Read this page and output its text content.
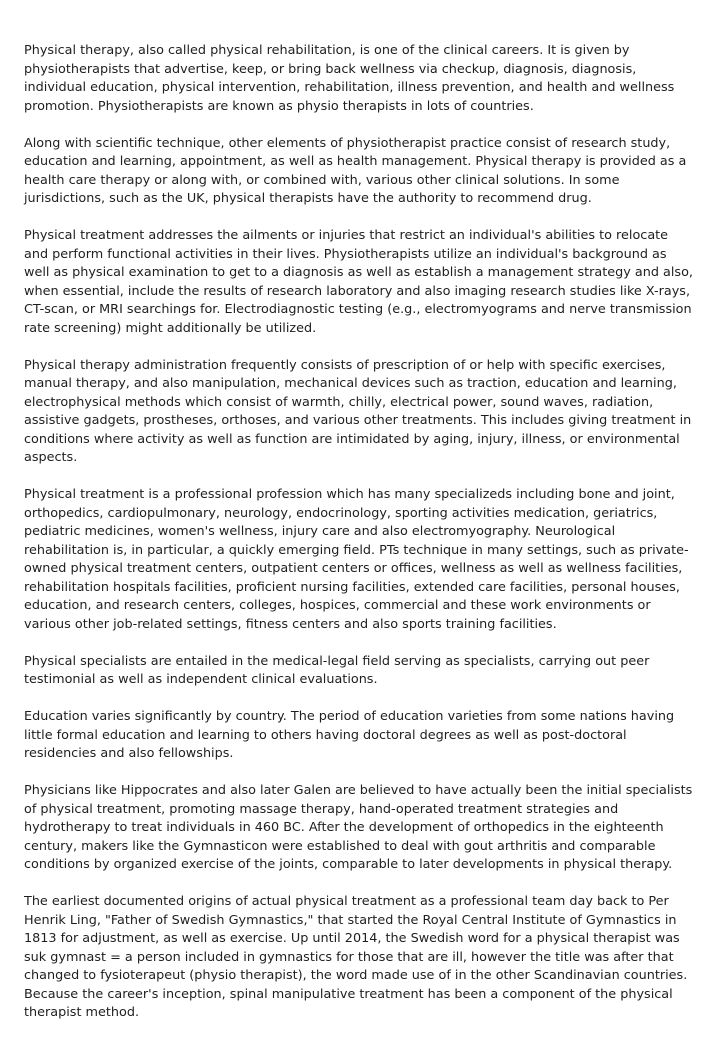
Physical therapy, also called physical rehabilitation, is one of the clinical careers. It is given by physiotherapists that advertise, keep, or bring back wellness via checkup, diagnosis, diagnosis, individual education, physical intervention, rehabilitation, illness prevention, and health and wellness promotion. Physiotherapists are known as physio therapists in lots of countries.

Along with scientific technique, other elements of physiotherapist practice consist of research study, education and learning, appointment, as well as health management. Physical therapy is provided as a health care therapy or along with, or combined with, various other clinical solutions. In some jurisdictions, such as the UK, physical therapists have the authority to recommend drug.

Physical treatment addresses the ailments or injuries that restrict an individual's abilities to relocate and perform functional activities in their lives. Physiotherapists utilize an individual's background as well as physical examination to get to a diagnosis as well as establish a management strategy and also, when essential, include the results of research laboratory and also imaging research studies like X-rays, CT-scan, or MRI searchings for. Electrodiagnostic testing (e.g., electromyograms and nerve transmission rate screening) might additionally be utilized.

Physical therapy administration frequently consists of prescription of or help with specific exercises, manual therapy, and also manipulation, mechanical devices such as traction, education and learning, electrophysical methods which consist of warmth, chilly, electrical power, sound waves, radiation, assistive gadgets, prostheses, orthoses, and various other treatments. This includes giving treatment in conditions where activity as well as function are intimidated by aging, injury, illness, or environmental aspects.

Physical treatment is a professional profession which has many specializeds including bone and joint, orthopedics, cardiopulmonary, neurology, endocrinology, sporting activities medication, geriatrics, pediatric medicines, women's wellness, injury care and also electromyography. Neurological rehabilitation is, in particular, a quickly emerging field. PTs technique in many settings, such as private-owned physical treatment centers, outpatient centers or offices, wellness as well as wellness facilities, rehabilitation hospitals facilities, proficient nursing facilities, extended care facilities, personal houses, education, and research centers, colleges, hospices, commercial and these work environments or various other job-related settings, fitness centers and also sports training facilities.

Physical specialists are entailed in the medical-legal field serving as specialists, carrying out peer testimonial as well as independent clinical evaluations.

Education varies significantly by country. The period of education varieties from some nations having little formal education and learning to others having doctoral degrees as well as post-doctoral residencies and also fellowships.

Physicians like Hippocrates and also later Galen are believed to have actually been the initial specialists of physical treatment, promoting massage therapy, hand-operated treatment strategies and hydrotherapy to treat individuals in 460 BC. After the development of orthopedics in the eighteenth century, makers like the Gymnasticon were established to deal with gout arthritis and comparable conditions by organized exercise of the joints, comparable to later developments in physical therapy.

The earliest documented origins of actual physical treatment as a professional team day back to Per Henrik Ling, "Father of Swedish Gymnastics," that started the Royal Central Institute of Gymnastics in 1813 for adjustment, as well as exercise. Up until 2014, the Swedish word for a physical therapist was suk gymnast = a person included in gymnastics for those that are ill, however the title was after that changed to fysioterapeut (physio therapist), the word made use of in the other Scandinavian countries. Because the career's inception, spinal manipulative treatment has been a component of the physical therapist method.
